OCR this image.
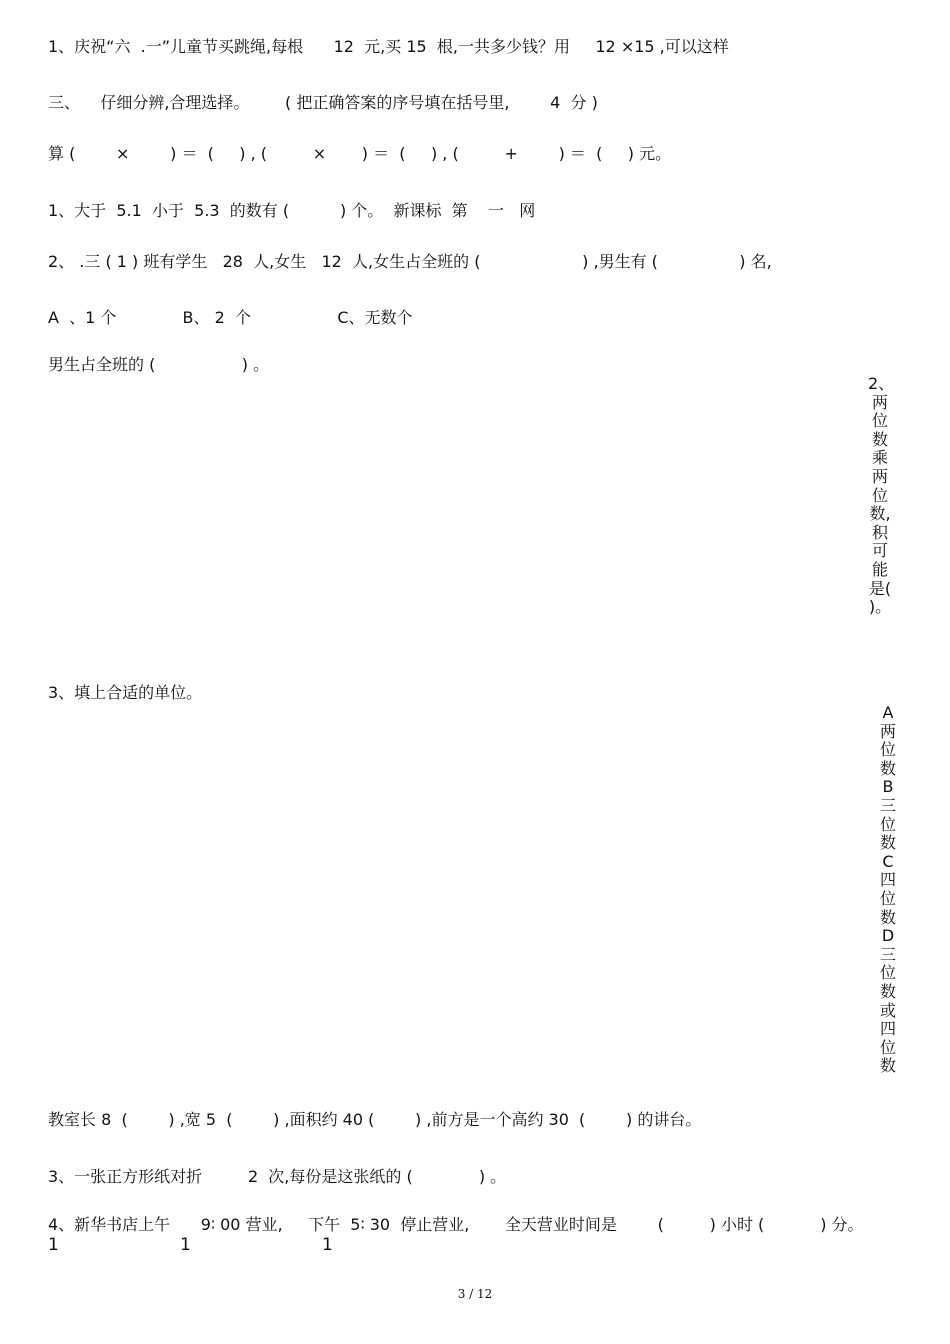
1、庆祝“六  .一”儿童节买跳绳,每根      12  元,买 15  根,一共多少钱？用     12 ×15 ,可以这样
三、    仔细分辨,合理选择。       ( 把正确答案的序号填在括号里,        4  分 )
算 (        ×        ) ＝  (     ) , (         ×       ) ＝  (     ) , (         +        ) ＝  (     ) 元。
1、大于  5.1  小于  5.3  的数有 (          ) 个。  新课标  第    一   网
2、 .三 ( 1 ) 班有学生   28  人,女生   12  人,女生占全班的 (                    ) ,男生有 (                ) 名,
A  、1 个             B、 2  个                 C、无数个
男生占全班的 (                 ) 。
2、两位数乘两位数,积可能是( )。
3、填上合适的单位。
A两位数B三位数C四位数D三位数或四位数
教室长 8  (        ) ,宽 5  (        ) ,面积约 40 (        ) ,前方是一个高约 30  (        ) 的讲台。
3、一张正方形纸对折         2  次,每份是这张纸的 (             ) 。
4、新华书店上午      9∶ 00 营业,     下午  5∶ 30  停止营业,       全天营业时间是        (         ) 小时 (           ) 分。
1	1	1
3 / 12
